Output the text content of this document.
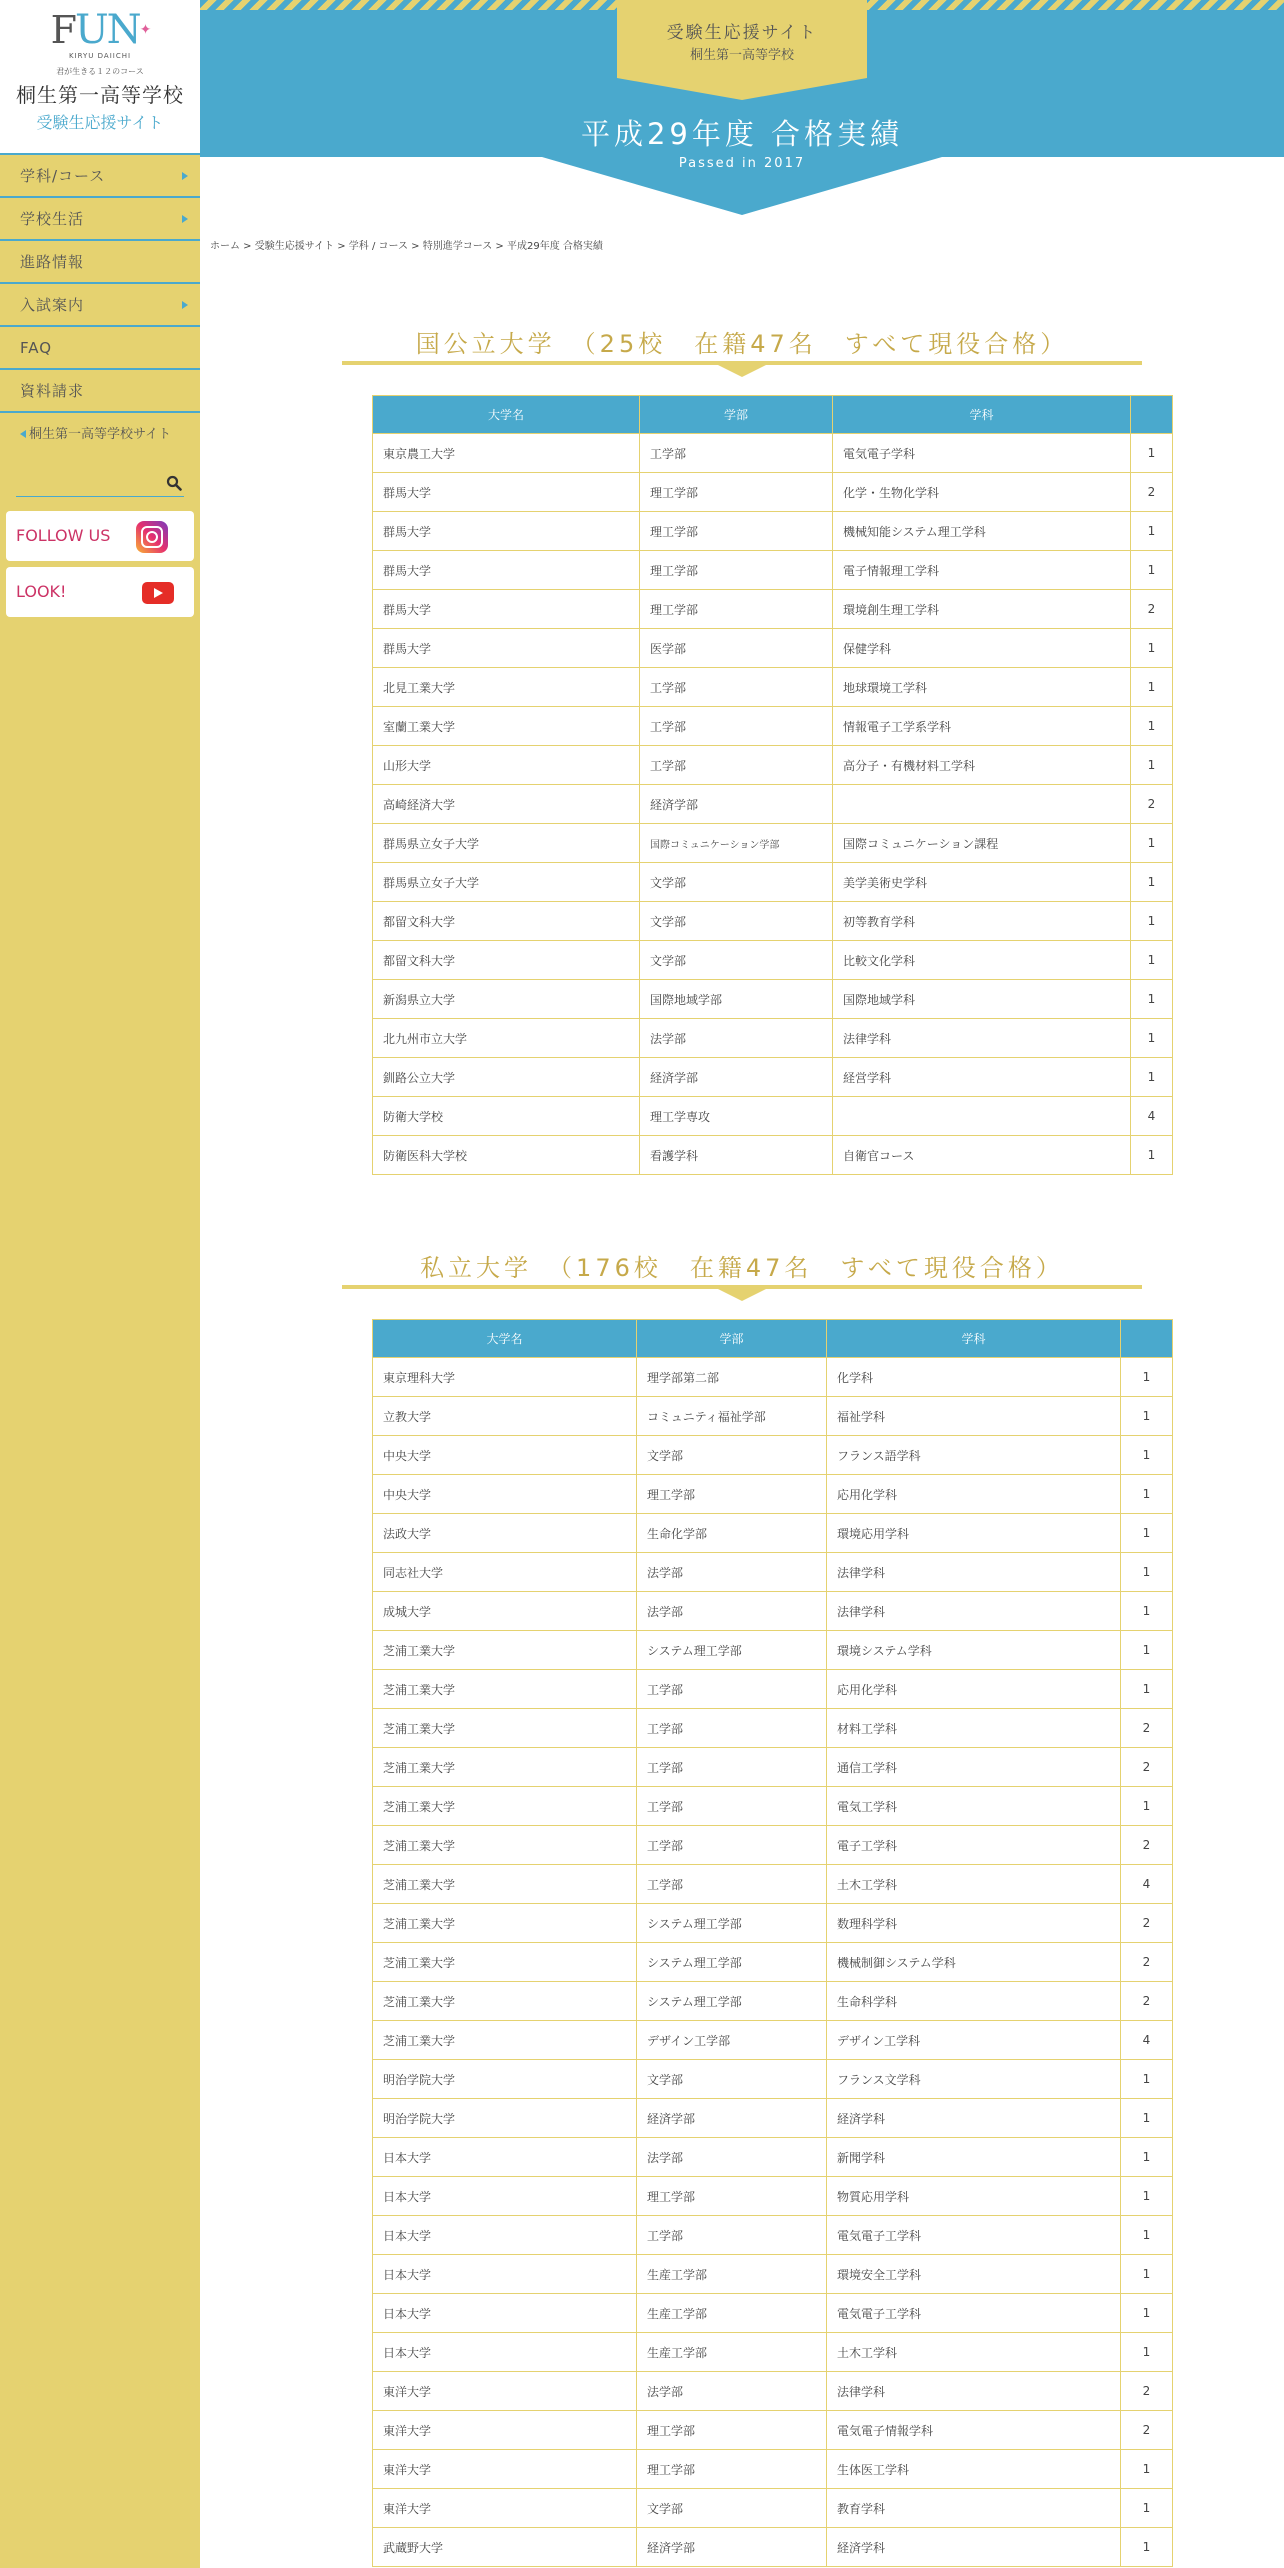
FUN✦
KIRYU DAIICHI
君が生きる１２のコース
桐生第一高等学校
受験生応援サイト
学科/コース
学校生活
進路情報
入試案内
FAQ
資料請求
桐生第一高等学校サイト
FOLLOW US
LOOK!
受験生応援サイト
桐生第一高等学校
平成29年度 合格実績
Passed in 2017
ホーム > 受験生応援サイト > 学科 / コース > 特別進学コース > 平成29年度 合格実績
国公立大学　（25校　在籍47名　すべて現役合格）
大学名	学部	学科	
東京農工大学	工学部	電気電子学科	1
群馬大学	理工学部	化学・生物化学科	2
群馬大学	理工学部	機械知能システム理工学科	1
群馬大学	理工学部	電子情報理工学科	1
群馬大学	理工学部	環境創生理工学科	2
群馬大学	医学部	保健学科	1
北見工業大学	工学部	地球環境工学科	1
室蘭工業大学	工学部	情報電子工学系学科	1
山形大学	工学部	高分子・有機材料工学科	1
高崎経済大学	経済学部		2
群馬県立女子大学	国際コミュニケーション学部	国際コミュニケーション課程	1
群馬県立女子大学	文学部	美学美術史学科	1
都留文科大学	文学部	初等教育学科	1
都留文科大学	文学部	比較文化学科	1
新潟県立大学	国際地域学部	国際地域学科	1
北九州市立大学	法学部	法律学科	1
釧路公立大学	経済学部	経営学科	1
防衛大学校	理工学専攻		4
防衛医科大学校	看護学科	自衛官コース	1
私立大学　（176校　在籍47名　すべて現役合格）
大学名	学部	学科	
東京理科大学	理学部第二部	化学科	1
立教大学	コミュニティ福祉学部	福祉学科	1
中央大学	文学部	フランス語学科	1
中央大学	理工学部	応用化学科	1
法政大学	生命化学部	環境応用学科	1
同志社大学	法学部	法律学科	1
成城大学	法学部	法律学科	1
芝浦工業大学	システム理工学部	環境システム学科	1
芝浦工業大学	工学部	応用化学科	1
芝浦工業大学	工学部	材料工学科	2
芝浦工業大学	工学部	通信工学科	2
芝浦工業大学	工学部	電気工学科	1
芝浦工業大学	工学部	電子工学科	2
芝浦工業大学	工学部	土木工学科	4
芝浦工業大学	システム理工学部	数理科学科	2
芝浦工業大学	システム理工学部	機械制御システム学科	2
芝浦工業大学	システム理工学部	生命科学科	2
芝浦工業大学	デザイン工学部	デザイン工学科	4
明治学院大学	文学部	フランス文学科	1
明治学院大学	経済学部	経済学科	1
日本大学	法学部	新聞学科	1
日本大学	理工学部	物質応用学科	1
日本大学	工学部	電気電子工学科	1
日本大学	生産工学部	環境安全工学科	1
日本大学	生産工学部	電気電子工学科	1
日本大学	生産工学部	土木工学科	1
東洋大学	法学部	法律学科	2
東洋大学	理工学部	電気電子情報学科	2
東洋大学	理工学部	生体医工学科	1
東洋大学	文学部	教育学科	1
武蔵野大学	経済学部	経済学科	1
